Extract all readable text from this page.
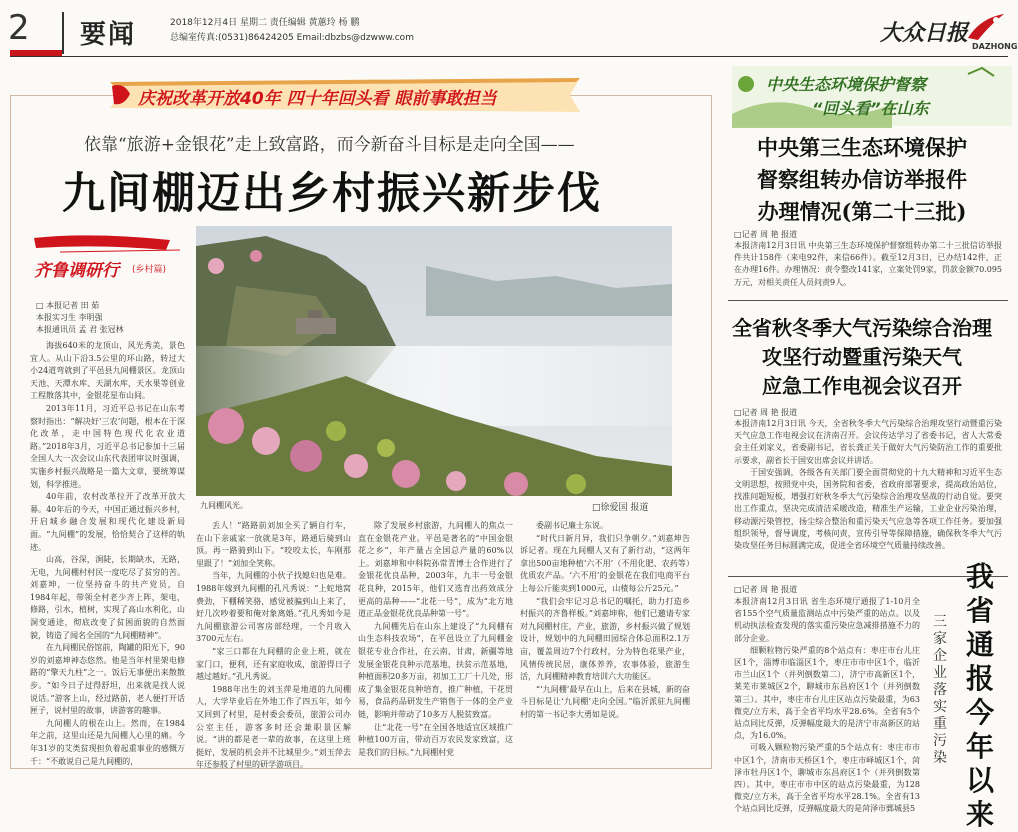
2 要闻	2018年12月4日 星期二 责任编辑 黄蕙玲 杨 鹏
总编室传真:(0531)86424205 Email:dbzbs@dzwww.com	大众日报
DAZHONG
庆祝改革开放40年 四十年回头看 眼前事敢担当
依靠“旅游+金银花”走上致富路，而今新奋斗目标是走向全国——
九间棚迈出乡村振兴新步伐
齐鲁调研行 (乡村篇)
□ 本报记者 田 茹
本报实习生 李明强
本报通讯员 孟 君 张冠林
九间棚风光。	□徐爱国 报道

海拔640米的龙顶山，风光秀美，景色宜人。从山下沿3.5公里的环山路，转过大小24道弯就到了平邑县九间棚景区。龙顶山天池、天潭水库、天湖水库，天水果等创业工程散落其中，金银花星布山间。

2013年11月，习近平总书记在山东考察时指出：“解决好‘三农’问题，根本在于深化改革，走中国特色现代化农业道路。”2018年3月，习近平总书记参加十三届全国人大一次会议山东代表团审议时强调，实施乡村振兴战略是一篇大文章，要统筹谋划，科学推进。

40年前，农村改革拉开了改革开放大幕。40年后的今天，中国正通过振兴乡村，开启城乡融合发展和现代化建设新局面。“九间棚”的发展，恰恰契合了这样的轨迹。

山高，谷深，涧陡，长期缺水，无路，无电，九间棚村村民一度吃尽了贫穷的苦。刘嘉坤，一位坚持奋斗的共产党员，自1984年起，带领全村老少齐上阵，架电，修路，引水，植树，实现了高山水利化，山洞变通途，彻底改变了贫困面貌的自然面貌，铸造了闻名全国的“九间棚精神”。

在九间棚民俗馆前，陶罐的阳光下，90岁的刘嘉坤神态悠然。他是当年村里架电修路的“擎天九柱”之一。饭后无事便出来散散步。“如今日子过得舒坦，出来就是找人说说话。”游客上山，经过路前，老人便打开话匣子，说村里的故事，讲游客的趣事。

九间棚人的根在山上。然而，在1984年之前，这里山还是九间棚人心里的痛。今年31岁的艾类贫现担负着起重事业的感慨万千：“不敢说自己是九间棚的，

丢人！”路路前刘加全买了辆自行车，在山下亲戚家一放就是3年，路通后骑到山顶。再一路骑到山下。“咬咬太长，车刚那里跟了！”刘加全笑称。

当年，九间棚的小伙子找媳妇也是难。1988年嫁到九间棚的孔凡秀说：“上蛇地窝费劲，下棚稀笑骆，感觉被骗到山上来了，好几次吵着要和俺对象离婚。”孔凡秀如今是九间棚旅游公司客房部经理，一个月收入3700元左右。

“家三口都在九间棚的企业上班，就在家门口，便利，还有家庭收成，旅游得日子越过越好。”孔凡秀说。

1988年出生的刘玉萍是地道的九间棚人，大学毕业后在外地工作了四五年，如今又回到了村里，是村委会委员，旅游公司办公室主任，游客多时还会兼职景区解说。“讲的都是老一辈的故事，在这里上班挺好，发展的机会并不比城里少。”刘玉萍去年还参股了村里的研学游项目。

除了发展乡村旅游，九间棚人的焦点一直在金银花产业。平邑是著名的“中国金银花之乡”，年产量占全国总产量的60%以上。刘嘉坤和中科院孙常青博士合作进行了金银花优良品种，2003年，九丰一号金银花良种，2015年，他们又选育出药效成分更高的品种——“北花一号”，成为“北方地道正品金银花优良品种第一号”。

九间棚先后在山东上建设了“九间棚有山生态科技农场”，在平邑设立了九间棚金银花专业合作社，在云南、甘肃，新疆等地发展金银花良种示范基地，扶贫示范基地，种植面积20多万亩，初加工工厂十几处，形成了集金银花良种培育，推广种植，干花贸易，食品药品研发生产销售于一体的全产业链，影响并带动了10多万人脱贫致富。

让“北花一号”在全国各地适宜区域推广种植100万亩，带动百万农民发家致富，这是我们的目标。”九间棚村党

委副书记廉士东说。

“时代日新月异，我们只争朝夕。”刘嘉坤告诉记者。现在九间棚人又有了新行动，“这两年拿出500亩地种植‘六不用’（不用化肥、农药等）优质农产品。‘六不用’的金银花在我们电商平台上每公斤能卖到1000元，山楂每公斤25元。”

“我们会牢记习总书记的嘱托，助力打造乡村振兴的齐鲁样板。”刘嘉坤称，他们已邀请专家对九间棚村庄，产业，旅游，乡村振兴做了规划设计，规划中的九间棚田园综合体总面积2.1万亩，覆盖周边7个行政村，分为特色花果产业，风情传统民居，康体养养，农事体验，旅游生活，九间棚精神教育培训六大功能区。

“‘九间棚’最早在山上，后来在县城，新的奋斗目标是让‘九间棚’走向全国。”临沂派驻九间棚村的第一书记李大勇如是说。

中央生态环境保护督察
“回头看”在山东
中央第三生态环境保护
督察组转办信访举报件
办理情况(第二十三批)
□记者 周 艳 报道

本报济南12月3日讯 中央第三生态环境保护督察组转办第二十三批信访举报件共计158件（来电92件，来信66件）。截至12月3日，已办结142件，正在办理16件。办理情况：责令整改141家，立案处罚9家，罚款金额70.095万元，对相关责任人员问责9人。

全省秋冬季大气污染综合治理
攻坚行动暨重污染天气
应急工作电视会议召开
□记者 周 艳 报道

本报济南12月3日讯 今天，全省秋冬季大气污染综合治理攻坚行动暨重污染天气应急工作电视会议在济南召开。会议传达学习了省委书记，省人大常委会主任刘家义，省委副书记，省长龚正关于做好大气污染防治工作的重要批示要求，副省长于国安出席会议并讲话。

于国安强调，各级各有关部门要全面贯彻党的十九大精神和习近平生态文明思想，按照党中央，国务院和省委，省政府部署要求，提高政治站位，找准问题短板，增强打好秋冬季大气污染综合治理攻坚战的行动自觉。要突出工作重点，坚决完成清洁采暖改造，精准生产运输，工业企业污染治理，移动源污染管控，扬尘综合整治和重污染天气应急等各项工作任务。要加强组织领导，督导调度，考核问责，宣传引导等保障措施，确保秋冬季大气污染攻坚任务目标圆满完成，促进全省环境空气质量持续改善。

□记者 周 艳 报道

本报济南12月3日讯 省生态环境厅通报了1-10月全省155个空气质量监测站点中污染严重的站点。以及机动执法检查发现的落实重污染应急减排措施不力的部分企业。

细颗粒物污染严重的8个站点有：枣庄市台儿庄区1个，淄博市临淄区1个，枣庄市市中区1个，临沂市兰山区1个（并列倒数第二），济宁市高新区1个，莱芜市莱城区2个，聊城市东昌府区1个（并列倒数第三）。其中，枣庄市台儿庄区站点污染最重，为63微克/立方米，高于全省平均水平28.6%。全省有5个站点同比反弹，反弹幅度最大的是济宁市高新区的站点，为16.0%。

可吸入颗粒物污染严重的5个站点有：枣庄市市中区1个，济南市天桥区1个，枣庄市峄城区1个，菏泽市牡丹区1个，聊城市东昌府区1个（并列倒数第四）。其中，枣庄市市中区的站点污染最重，为128微克/立方米，高于全省平均水平28.1%。全省有13个站点同比反弹，反弹幅度最大的是菏泽市鄄城县5

我省通报今年以来
三家企业落实重污染
